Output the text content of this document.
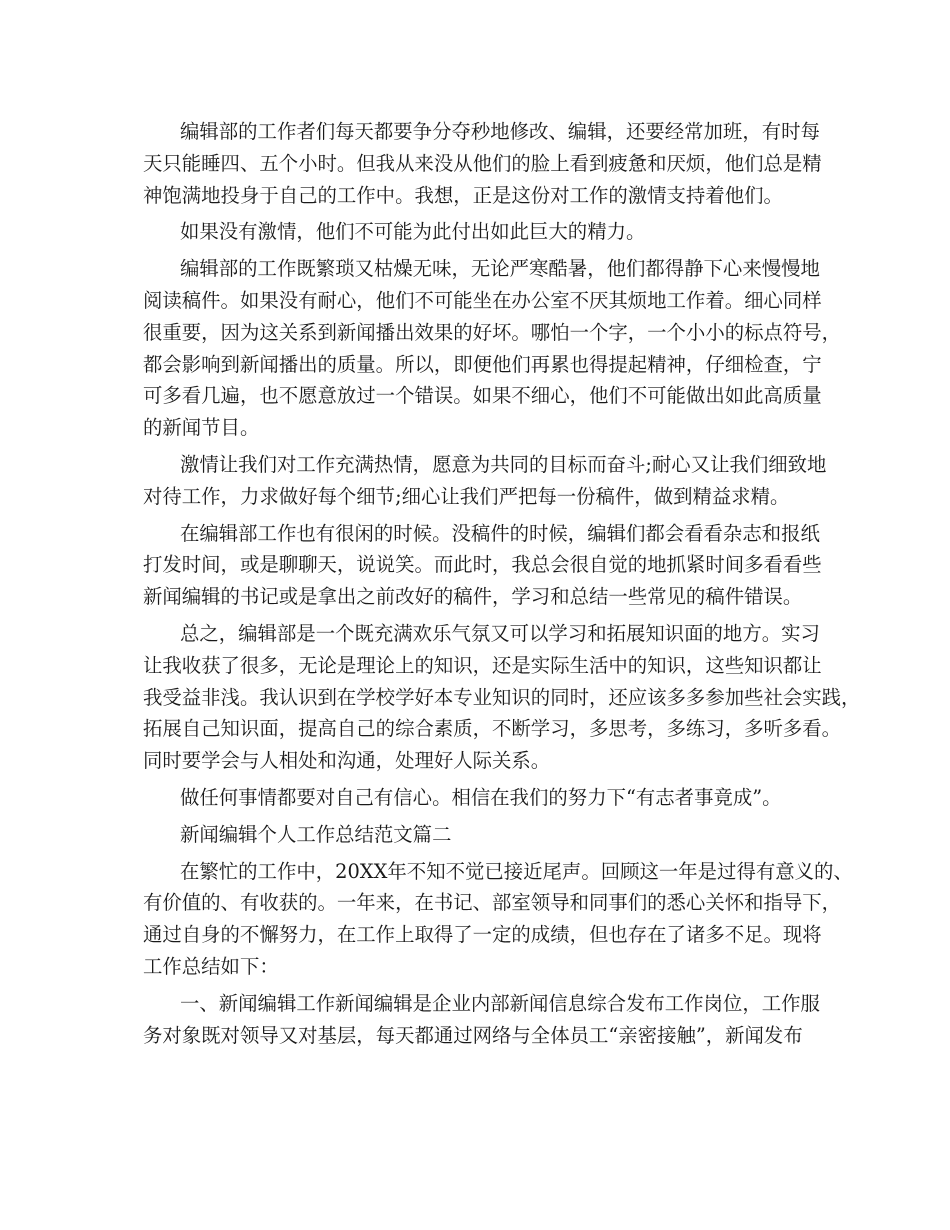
编辑部的工作者们每天都要争分夺秒地修改、编辑，还要经常加班，有时每
天只能睡四、五个小时。但我从来没从他们的脸上看到疲惫和厌烦，他们总是精
神饱满地投身于自己的工作中。我想，正是这份对工作的激情支持着他们。
如果没有激情，他们不可能为此付出如此巨大的精力。
编辑部的工作既繁琐又枯燥无味，无论严寒酷暑，他们都得静下心来慢慢地
阅读稿件。如果没有耐心，他们不可能坐在办公室不厌其烦地工作着。细心同样
很重要，因为这关系到新闻播出效果的好坏。哪怕一个字，一个小小的标点符号，
都会影响到新闻播出的质量。所以，即便他们再累也得提起精神，仔细检查，宁
可多看几遍，也不愿意放过一个错误。如果不细心，他们不可能做出如此高质量
的新闻节目。
激情让我们对工作充满热情，愿意为共同的目标而奋斗;耐心又让我们细致地
对待工作，力求做好每个细节;细心让我们严把每一份稿件，做到精益求精。
在编辑部工作也有很闲的时候。没稿件的时候，编辑们都会看看杂志和报纸
打发时间，或是聊聊天，说说笑。而此时，我总会很自觉的地抓紧时间多看看些
新闻编辑的书记或是拿出之前改好的稿件，学习和总结一些常见的稿件错误。
总之，编辑部是一个既充满欢乐气氛又可以学习和拓展知识面的地方。实习
让我收获了很多，无论是理论上的知识，还是实际生活中的知识，这些知识都让
我受益非浅。我认识到在学校学好本专业知识的同时，还应该多多参加些社会实践，
拓展自己知识面，提高自己的综合素质，不断学习，多思考，多练习，多听多看。
同时要学会与人相处和沟通，处理好人际关系。
做任何事情都要对自己有信心。相信在我们的努力下“有志者事竟成”。
新闻编辑个人工作总结范文篇二
在繁忙的工作中，20XX年不知不觉已接近尾声。回顾这一年是过得有意义的、
有价值的、有收获的。一年来，在书记、部室领导和同事们的悉心关怀和指导下，
通过自身的不懈努力，在工作上取得了一定的成绩，但也存在了诸多不足。现将
工作总结如下：
一、新闻编辑工作新闻编辑是企业内部新闻信息综合发布工作岗位，工作服
务对象既对领导又对基层，每天都通过网络与全体员工“亲密接触”，新闻发布
